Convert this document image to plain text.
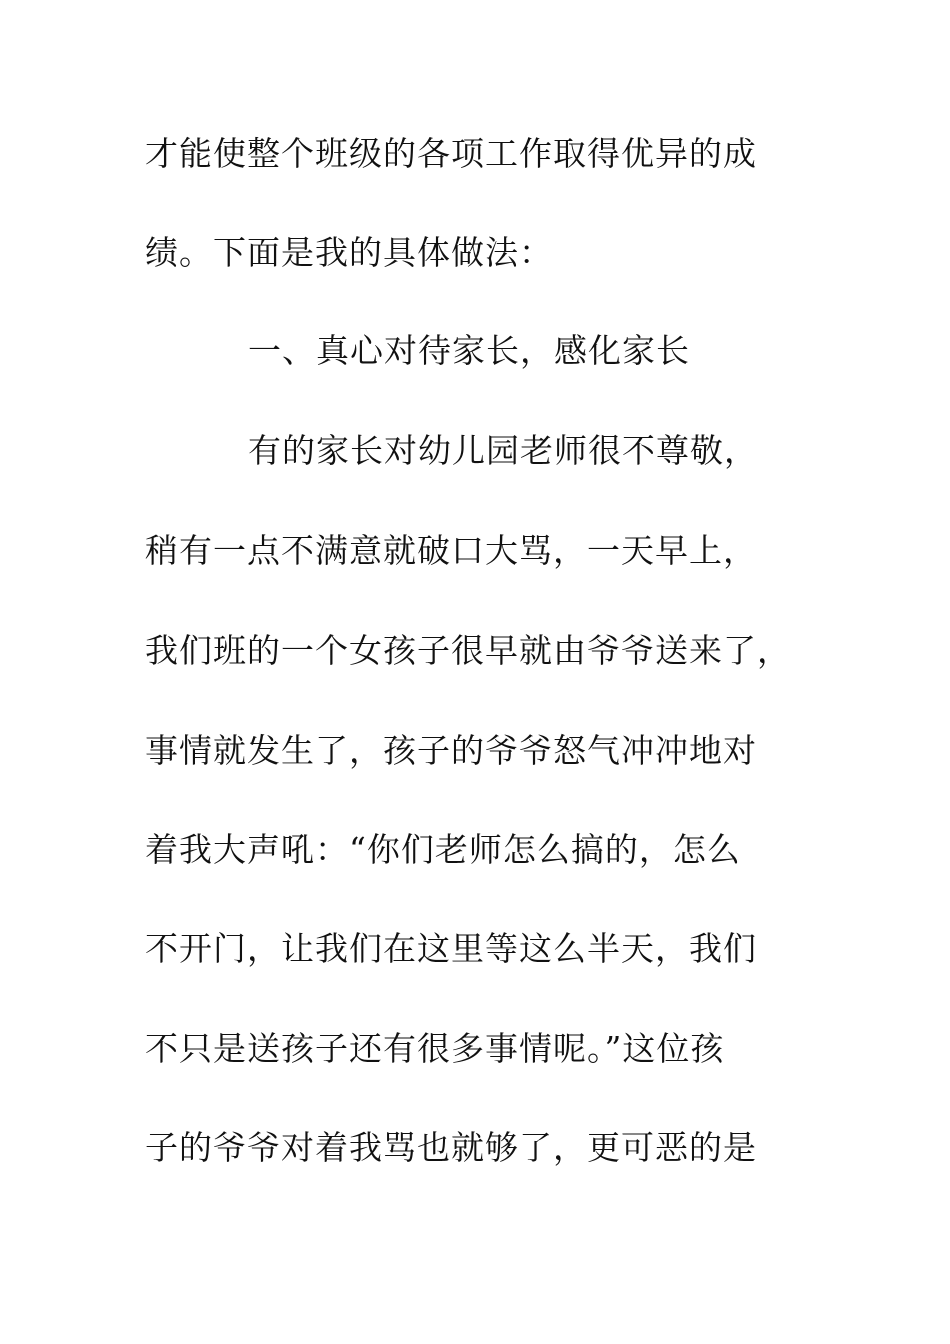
才能使整个班级的各项工作取得优异的成
绩。下面是我的具体做法：
一、真心对待家长，感化家长
有的家长对幼儿园老师很不尊敬，
稍有一点不满意就破口大骂，一天早上，
我们班的一个女孩子很早就由爷爷送来了，
事情就发生了，孩子的爷爷怒气冲冲地对
着我大声吼：“你们老师怎么搞的，怎么
不开门，让我们在这里等这么半天，我们
不只是送孩子还有很多事情呢。”这位孩
子的爷爷对着我骂也就够了，更可恶的是
